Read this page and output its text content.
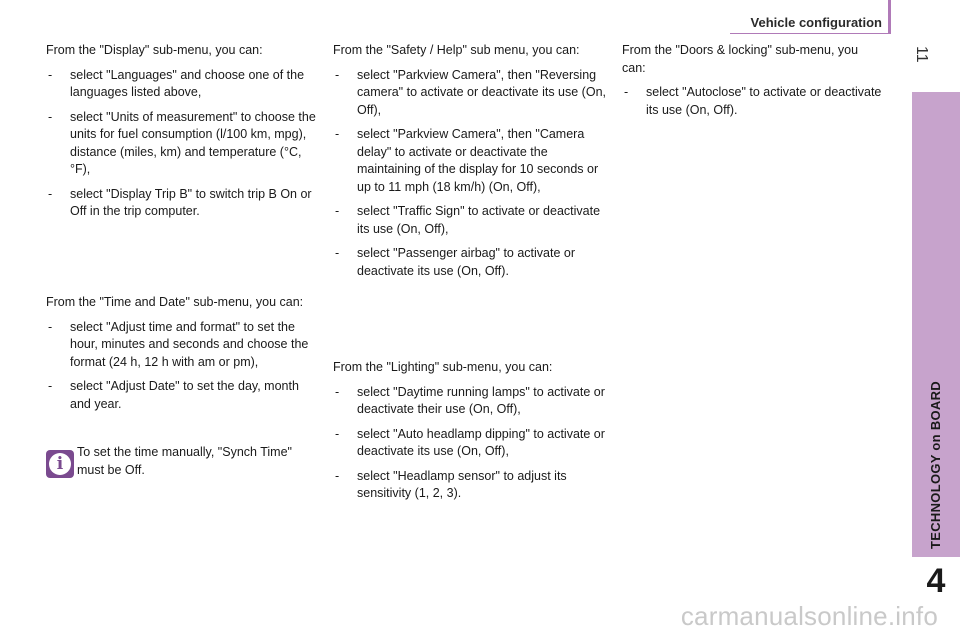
Vehicle configuration
11
TECHNOLOGY on BOARD
4

From the "Display" sub-menu, you can:

- select "Languages" and choose one of the languages listed above,
- select "Units of measurement" to choose the units for fuel consumption (l/100 km, mpg), distance (miles, km) and temperature (°C, °F),
- select "Display Trip B" to switch trip B On or Off in the trip computer.

From the "Time and Date" sub-menu, you can:

- select "Adjust time and format" to set the hour, minutes and seconds and choose the format (24 h, 12 h with am or pm),
- select "Adjust Date" to set the day, month and year.
i
To set the time manually, "Synch Time" must be Off.

From the "Safety / Help" sub menu, you can:

- select "Parkview Camera", then "Reversing camera" to activate or deactivate its use (On, Off),
- select "Parkview Camera", then "Camera delay" to activate or deactivate the maintaining of the display for 10 seconds or up to 11 mph (18 km/h) (On, Off),
- select "Traffic Sign" to activate or deactivate its use (On, Off),
- select "Passenger airbag" to activate or deactivate its use (On, Off).

From the "Lighting" sub-menu, you can:

- select "Daytime running lamps" to activate or deactivate their use (On, Off),
- select "Auto headlamp dipping" to activate or deactivate its use (On, Off),
- select "Headlamp sensor" to adjust its sensitivity (1, 2, 3).

From the "Doors & locking" sub-menu, you can:

- select "Autoclose" to activate or deactivate its use (On, Off).
carmanualsonline.info
